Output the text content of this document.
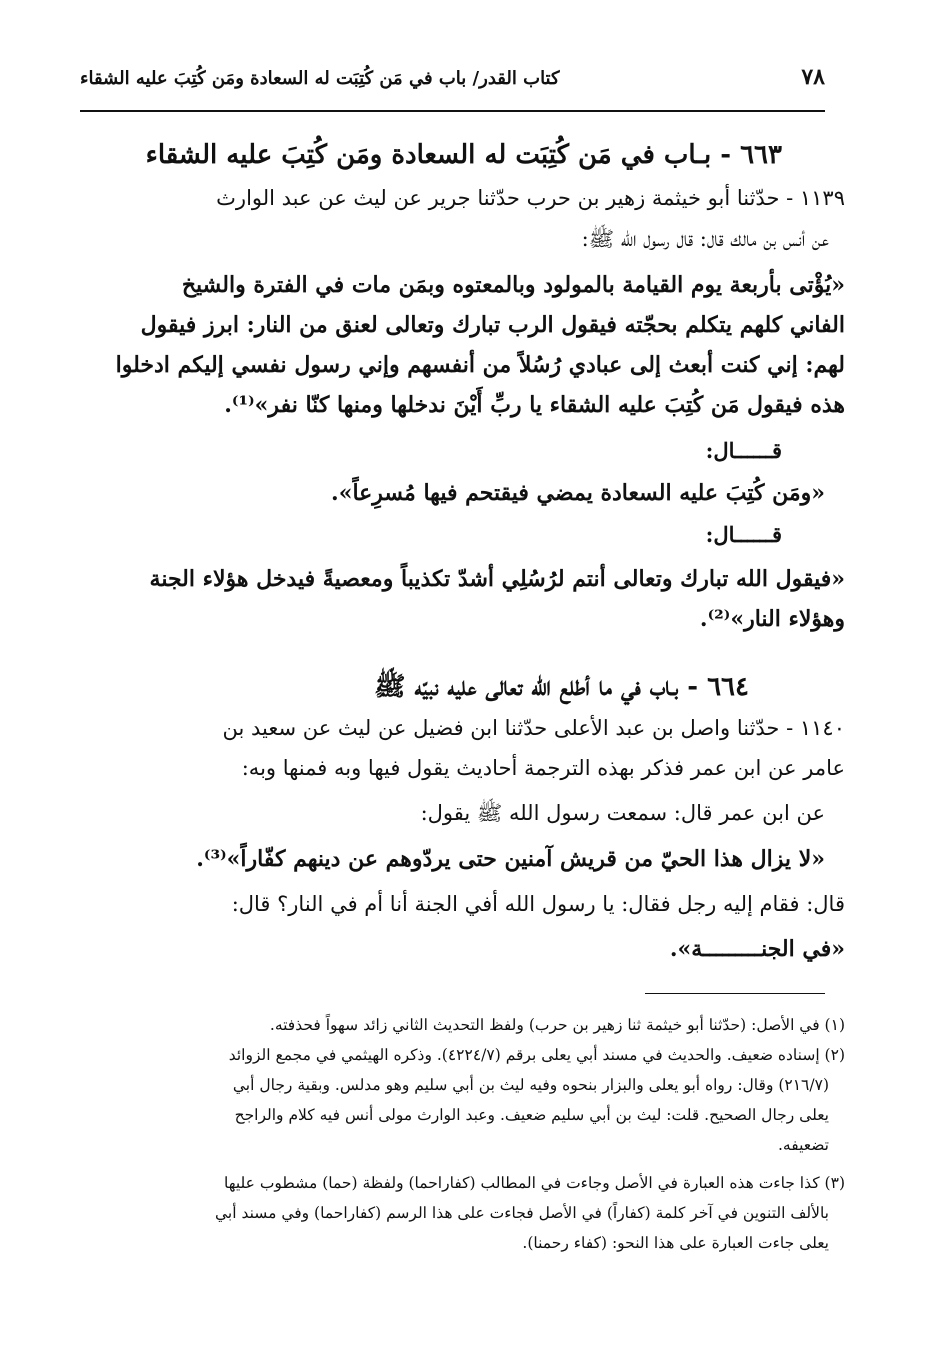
٧٨
كتاب القدر/ باب في مَن كُتِبَت له السعادة ومَن كُتِبَ عليه الشقاء
٦٦٣ - بـاب في مَن كُتِبَت له السعادة ومَن كُتِبَ عليه الشقاء
١١٣٩ - حدّثنا أبو خيثمة زهير بن حرب حدّثنا جرير عن ليث عن عبد الوارث
عن أنس بن مالك قال: قال رسول الله ﷺ:
«يُؤْتى بأربعة يوم القيامة بالمولود وبالمعتوه وبمَن مات في الفترة والشيخ
الفاني كلهم يتكلم بحجّته فيقول الرب تبارك وتعالى لعنق من النار: ابرز فيقول
لهم: إني كنت أبعث إلى عبادي رُسُلاً من أنفسهم وإني رسول نفسي إليكم ادخلوا
هذه فيقول مَن كُتِبَ عليه الشقاء يا ربِّ أَيْنَ ندخلها ومنها كنّا نفر»⁽¹⁾.
قــــــال:
«ومَن كُتِبَ عليه السعادة يمضي فيقتحم فيها مُسرِعاً».
قــــــال:
«فيقول الله تبارك وتعالى أنتم لرُسُلِي أشدّ تكذيباً ومعصيةً فيدخل هؤلاء الجنة
وهؤلاء النار»⁽²⁾.
٦٦٤ - بـاب في ما أطلع الله تعالى عليه نبيّه ﷺ
١١٤٠ - حدّثنا واصل بن عبد الأعلى حدّثنا ابن فضيل عن ليث عن سعيد بن
عامر عن ابن عمر فذكر بهذه الترجمة أحاديث يقول فيها وبه فمنها وبه:
عن ابن عمر قال: سمعت رسول الله ﷺ يقول:
«لا يزال هذا الحيّ من قريش آمنين حتى يردّوهم عن دينهم كفّاراً»⁽³⁾.
قال: فقام إليه رجل فقال: يا رسول الله أفي الجنة أنا أم في النار؟ قال:
«في الجنـــــــــة».
(١) في الأصل: (حدّثنا أبو خيثمة ثنا زهير بن حرب) ولفظ التحديث الثاني زائد سهواً فحذفته.
(٢) إسناده ضعيف. والحديث في مسند أبي يعلى برقم (٤٢٢٤/٧). وذكره الهيثمي في مجمع الزوائد
(٢١٦/٧) وقال: رواه أبو يعلى والبزار بنحوه وفيه ليث بن أبي سليم وهو مدلس. وبقية رجال أبي
يعلى رجال الصحيح. قلت: ليث بن أبي سليم ضعيف. وعبد الوارث مولى أنس فيه كلام والراجح
تضعيفه.
(٣) كذا جاءت هذه العبارة في الأصل وجاءت في المطالب (كفاراحما) ولفظة (حما) مشطوب عليها
بالألف التنوين في آخر كلمة (كفاراً) في الأصل فجاءت على هذا الرسم (كفاراحما) وفي مسند أبي
يعلى جاءت العبارة على هذا النحو: (كفاء رحمنا).
